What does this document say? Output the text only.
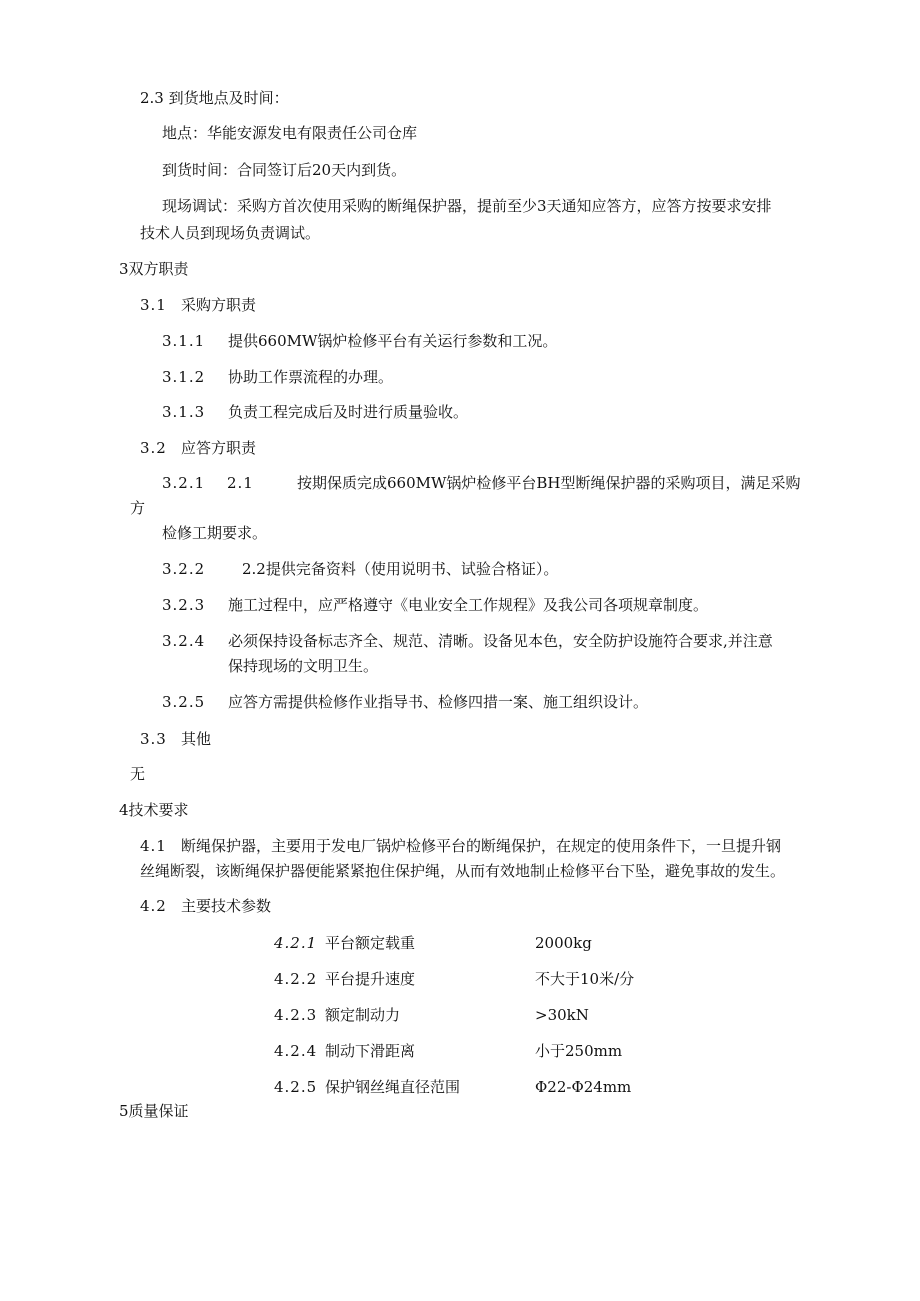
2.3 到货地点及时间：
地点：华能安源发电有限责任公司仓库
到货时间：合同签订后20天内到货。
现场调试：采购方首次使用采购的断绳保护器，提前至少3天通知应答方，应答方按要求安排
技术人员到现场负责调试。
3双方职责
3.1 采购方职责
3.1.1 提供660MW锅炉检修平台有关运行参数和工况。
3.1.2 协助工作票流程的办理。
3.1.3 负责工程完成后及时进行质量验收。
3.2 应答方职责
3.2.1 2.1	按期保质完成660MW锅炉检修平台BH型断绳保护器的采购项目，满足采购
方
检修工期要求。
3.2.2 2.2提供完备资料（使用说明书、试验合格证）。
3.2.3 施工过程中，应严格遵守《电业安全工作规程》及我公司各项规章制度。
3.2.4 必须保持设备标志齐全、规范、清晰。设备见本色，安全防护设施符合要求,并注意
保持现场的文明卫生。
3.2.5 应答方需提供检修作业指导书、检修四措一案、施工组织设计。
3.3 其他
无
4技术要求
4.1 断绳保护器，主要用于发电厂锅炉检修平台的断绳保护，在规定的使用条件下，一旦提升钢
丝绳断裂，该断绳保护器便能紧紧抱住保护绳，从而有效地制止检修平台下坠，避免事故的发生。
4.2 主要技术参数
4.2.1 平台额定载重	2000kg
4.2.2 平台提升速度	不大于10米/分
4.2.3 额定制动力	>30kN
4.2.4 制动下滑距离	小于250mm
4.2.5 保护钢丝绳直径范围	Φ22-Φ24mm
5质量保证
